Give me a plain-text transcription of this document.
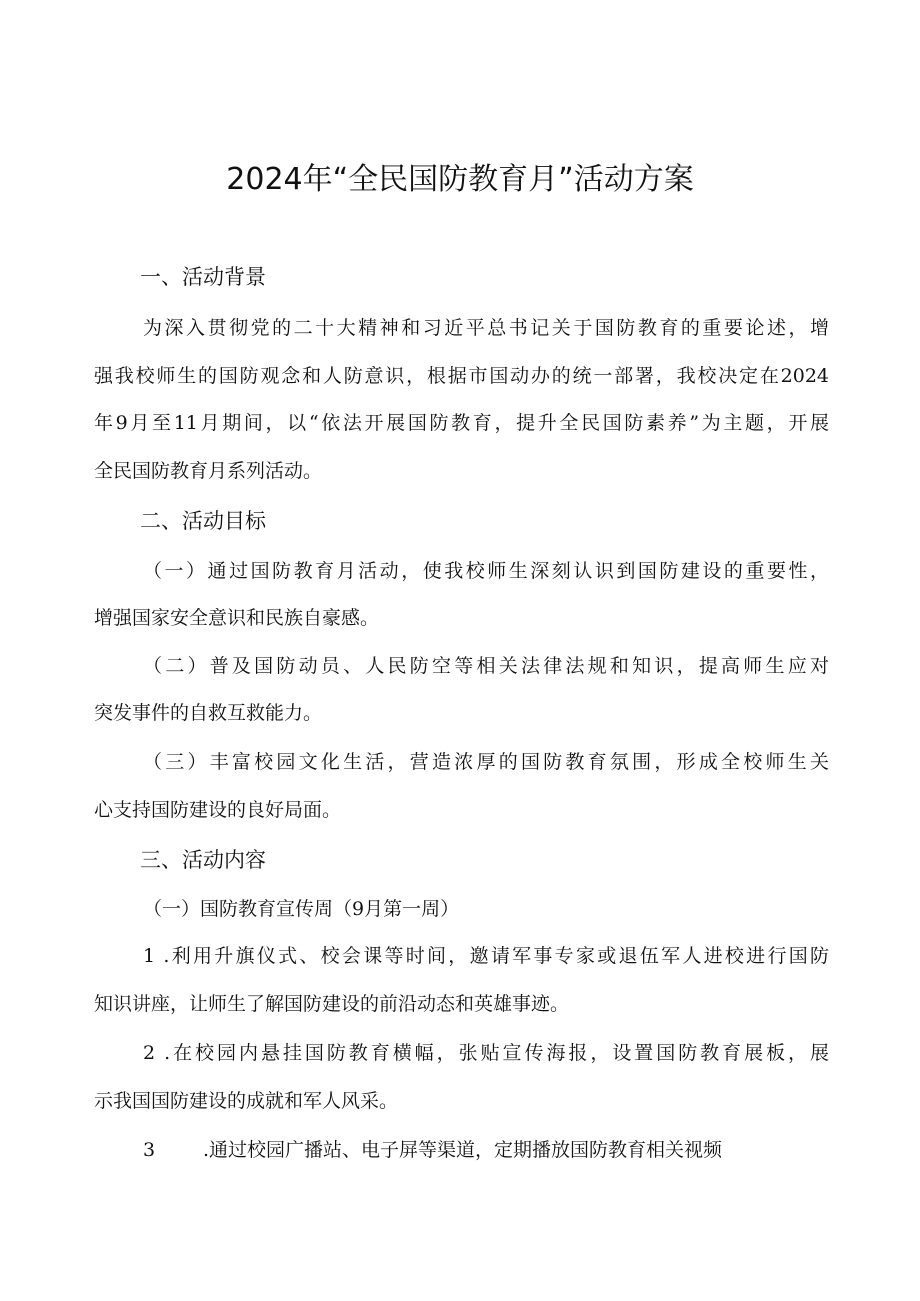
2024年“全民国防教育月”活动方案
一、活动背景
为深入贯彻党的二十大精神和习近平总书记关于国防教育的重要论述，增
强我校师生的国防观念和人防意识，根据市国动办的统一部署，我校决定在2024
年9月至11月期间，以“依法开展国防教育，提升全民国防素养”为主题，开展
全民国防教育月系列活动。
二、活动目标
（一）通过国防教育月活动，使我校师生深刻认识到国防建设的重要性，
增强国家安全意识和民族自豪感。
（二）普及国防动员、人民防空等相关法律法规和知识，提高师生应对
突发事件的自救互救能力。
（三）丰富校园文化生活，营造浓厚的国防教育氛围，形成全校师生关
心支持国防建设的良好局面。
三、活动内容
（一）国防教育宣传周（9月第一周）
1 .利用升旗仪式、校会课等时间，邀请军事专家或退伍军人进校进行国防
知识讲座，让师生了解国防建设的前沿动态和英雄事迹。
2 .在校园内悬挂国防教育横幅，张贴宣传海报，设置国防教育展板，展
示我国国防建设的成就和军人风采。
3	.通过校园广播站、电子屏等渠道，定期播放国防教育相关视频
